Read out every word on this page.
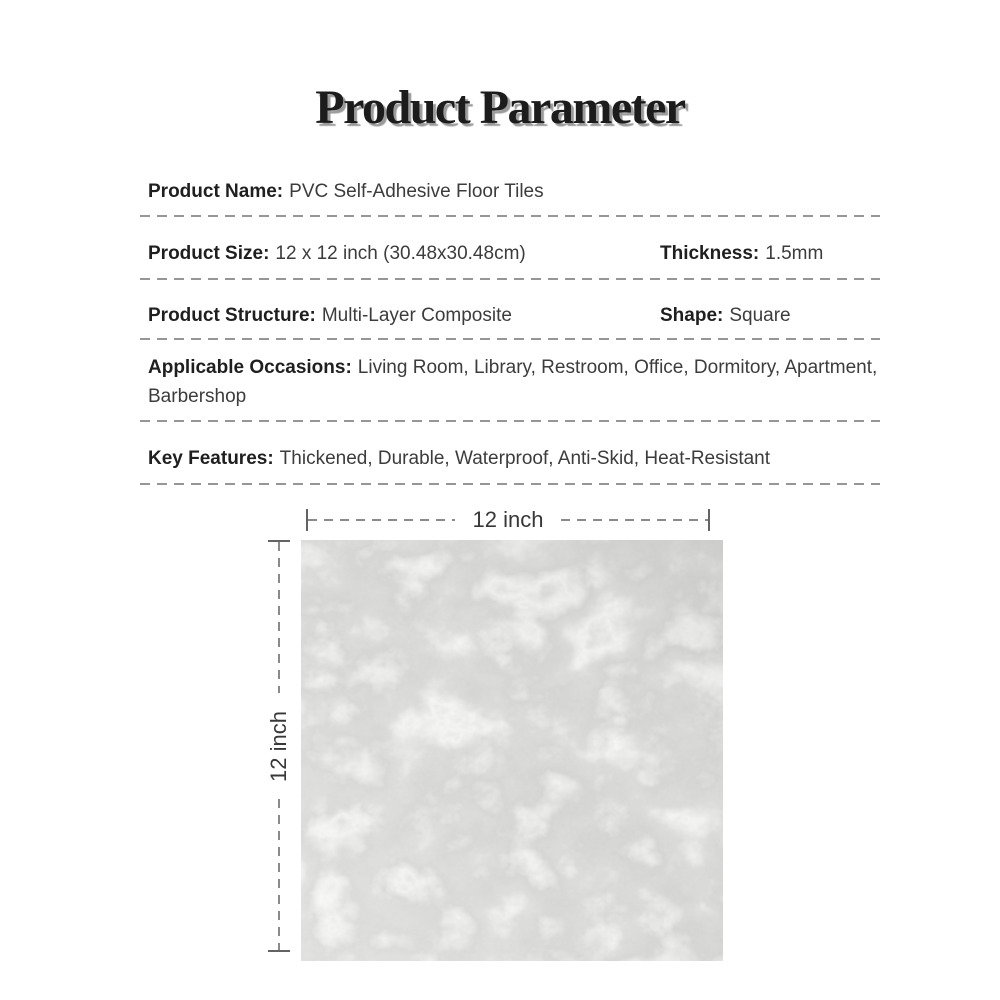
Product Parameter
Product Name: PVC Self-Adhesive Floor Tiles
Product Size: 12 x 12 inch (30.48x30.48cm)	Thickness: 1.5mm
Product Structure: Multi-Layer Composite	Shape: Square
Applicable Occasions: Living Room, Library, Restroom, Office, Dormitory, Apartment, Barbershop
Key Features: Thickened, Durable, Waterproof, Anti-Skid, Heat-Resistant
12 inch
12 inch
